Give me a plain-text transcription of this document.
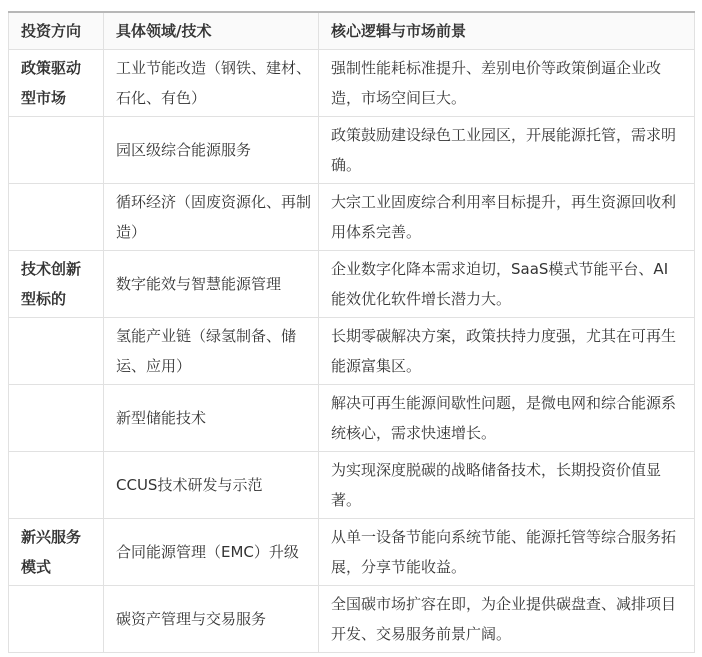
投资方向	具体领域/技术	核心逻辑与市场前景
政策驱动型市场	工业节能改造（钢铁、建材、石化、有色）	强制性能耗标准提升、差别电价等政策倒逼企业改造，市场空间巨大。
	园区级综合能源服务	政策鼓励建设绿色工业园区，开展能源托管，需求明确。
	循环经济（固废资源化、再制造）	大宗工业固废综合利用率目标提升，再生资源回收利用体系完善。
技术创新型标的	数字能效与智慧能源管理	企业数字化降本需求迫切，SaaS模式节能平台、AI能效优化软件增长潜力大。
	氢能产业链（绿氢制备、储运、应用）	长期零碳解决方案，政策扶持力度强，尤其在可再生能源富集区。
	新型储能技术	解决可再生能源间歇性问题，是微电网和综合能源系统核心，需求快速增长。
	CCUS技术研发与示范	为实现深度脱碳的战略储备技术，长期投资价值显著。
新兴服务模式	合同能源管理（EMC）升级	从单一设备节能向系统节能、能源托管等综合服务拓展，分享节能收益。
	碳资产管理与交易服务	全国碳市场扩容在即，为企业提供碳盘查、减排项目开发、交易服务前景广阔。
